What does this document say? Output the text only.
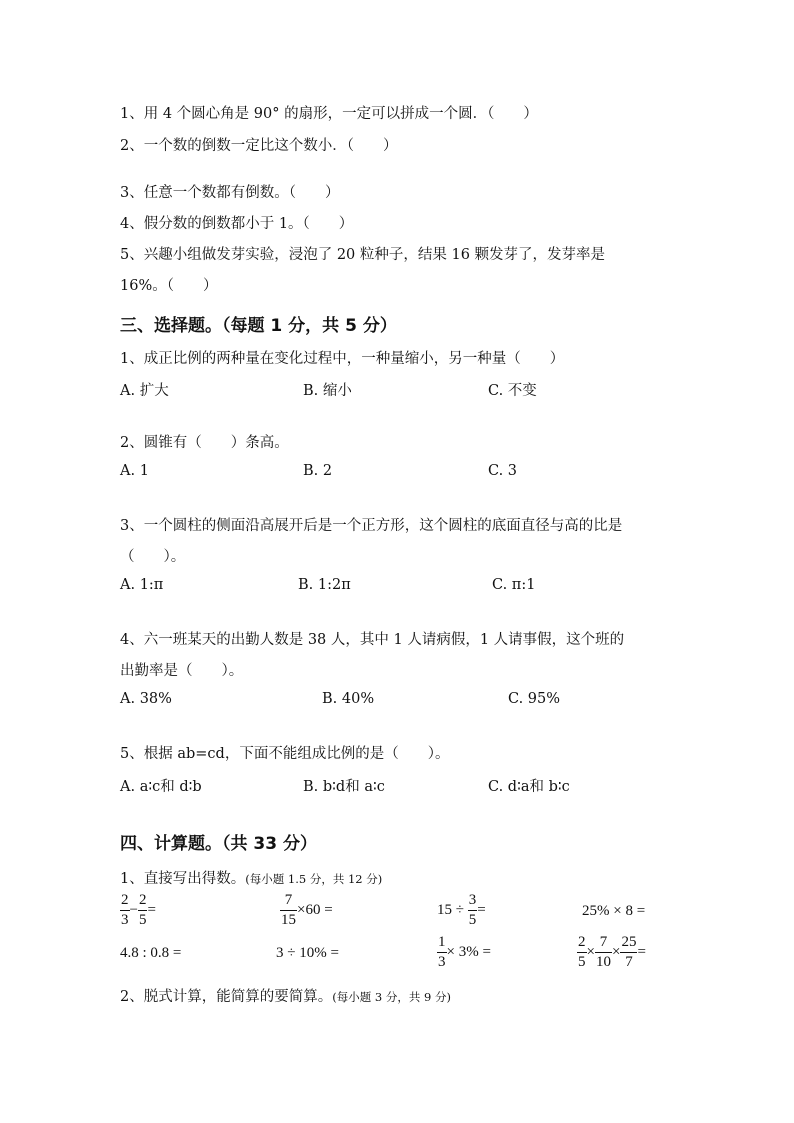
1、用 4 个圆心角是 90° 的扇形，一定可以拼成一个圆．（　　）
2、一个数的倒数一定比这个数小．（　　）
3、任意一个数都有倒数。（　　）
4、假分数的倒数都小于 1。（　　）
5、兴趣小组做发芽实验，浸泡了 20 粒种子，结果 16 颗发芽了，发芽率是
16%。（　　）
三、选择题。（每题 1 分，共 5 分）
1、成正比例的两种量在变化过程中，一种量缩小，另一种量（　　）
A. 扩大	B. 缩小	C. 不变
2、圆锥有（　　）条高。
A. 1	B. 2	C. 3
3、一个圆柱的侧面沿高展开后是一个正方形，这个圆柱的底面直径与高的比是
（　　）。
A. 1:π	B. 1:2π	C. π:1
4、六一班某天的出勤人数是 38 人，其中 1 人请病假，1 人请事假，这个班的
出勤率是（　　）。
A. 38%	B. 40%	C. 95%
5、根据 ab=cd，下面不能组成比例的是（　　）。
A. a∶c和 d∶b	B. b∶d和 a∶c	C. d∶a和 b∶c
四、计算题。（共 33 分）
1、直接写出得数。(每小题 1.5 分，共 12 分)
$\frac{2}{3} - \frac{2}{5}$ =	$\frac{7}{15} \times 60$ =	$15 \div \frac{3}{5}$ =	25% × 8 =
4.8 : 0.8 =	3 ÷ 10% =	$\frac{1}{3} \times 3\%$ =	$\frac{2}{5} \times \frac{7}{10} \times \frac{25}{7}$ =
2、脱式计算，能简算的要简算。(每小题 3 分，共 9 分)
